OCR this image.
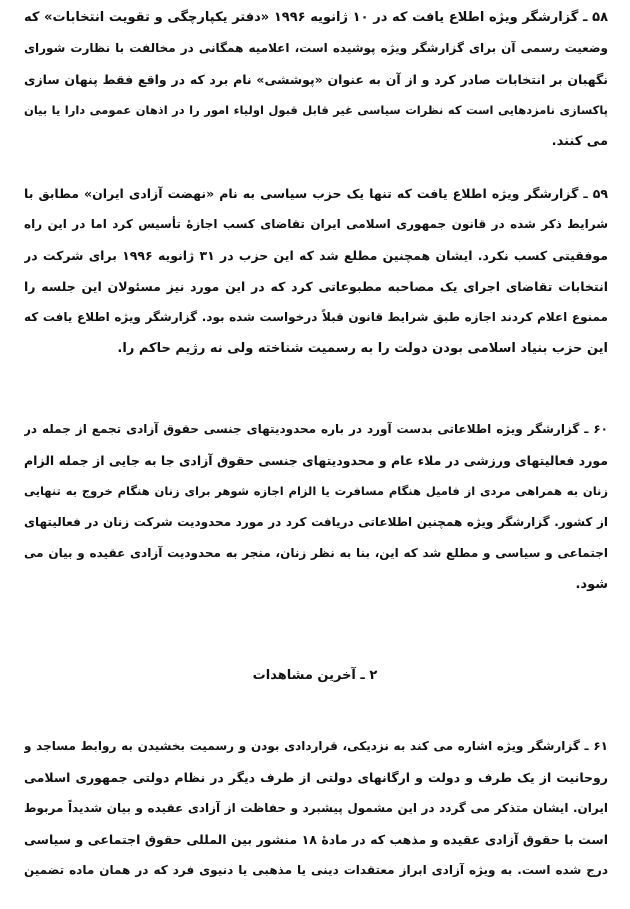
۵۸ ـ گزارشگر ویژه اطلاع یافت که در ۱۰ ژانویه ۱۹۹۶ «دفتر یکپارچگی و تقویت انتخابات» که
وضعیت رسمی آن برای گزارشگر ویژه پوشیده است، اعلامیه همگانی در مخالفت با نظارت شورای
نگهبان بر انتخابات صادر کرد و از آن به عنوان «پوششی» نام برد که در واقع فقط پنهان سازی
پاکسازی نامزدهایی است که نظرات سیاسی غیر قابل قبول اولیاء امور را در اذهان عمومی دارا یا بیان
می کنند.
۵۹ ـ گزارشگر ویژه اطلاع یافت که تنها یک حزب سیاسی به نام «نهضت آزادی ایران» مطابق با
شرایط ذکر شده در قانون جمهوری اسلامی ایران تقاضای کسب اجازهٔ تأسیس کرد اما در این راه
موفقیتی کسب نکرد. ایشان همچنین مطلع شد که این حزب در ۳۱ ژانویه ۱۹۹۶ برای شرکت در
انتخابات تقاضای اجرای یک مصاحبه مطبوعاتی کرد که در این مورد نیز مسئولان این جلسه را
ممنوع اعلام کردند اجازه طبق شرایط قانون قبلاً درخواست شده بود. گزارشگر ویژه اطلاع یافت که
این حزب بنیاد اسلامی بودن دولت را به رسمیت شناخته ولی نه رژیم حاکم را.
۶۰ ـ گزارشگر ویژه اطلاعاتی بدست آورد در باره محدودیتهای جنسی حقوق آزادی تجمع از جمله در
مورد فعالیتهای ورزشی در ملاء عام و محدودیتهای جنسی حقوق آزادی جا به جایی از جمله الزام
زنان به همراهی مردی از فامیل هنگام مسافرت یا الزام اجازه شوهر برای زنان هنگام خروج به تنهایی
از کشور. گزارشگر ویژه همچنین اطلاعاتی دریافت کرد در مورد محدودیت شرکت زنان در فعالیتهای
اجتماعی و سیاسی و مطلع شد که این، بنا به نظر زنان، منجر به محدودیت آزادی عقیده و بیان می
شود.
۲ ـ آخرین مشاهدات
۶۱ ـ گزارشگر ویژه اشاره می کند به نزدیکی، قراردادی بودن و رسمیت بخشیدن به روابط مساجد و
روحانیت از یک طرف و دولت و ارگانهای دولتی از طرف دیگر در نظام دولتی جمهوری اسلامی
ایران. ایشان متذکر می گردد در این مشمول پیشبرد و حفاظت از آزادی عقیده و بیان شدیداً مربوط
است با حقوق آزادی عقیده و مذهب که در مادهٔ ۱۸ منشور بین المللی حقوق اجتماعی و سیاسی
درج شده است. به ویژه آزادی ابراز معتقدات دینی یا مذهبی یا دنیوی فرد که در همان ماده تضمین
